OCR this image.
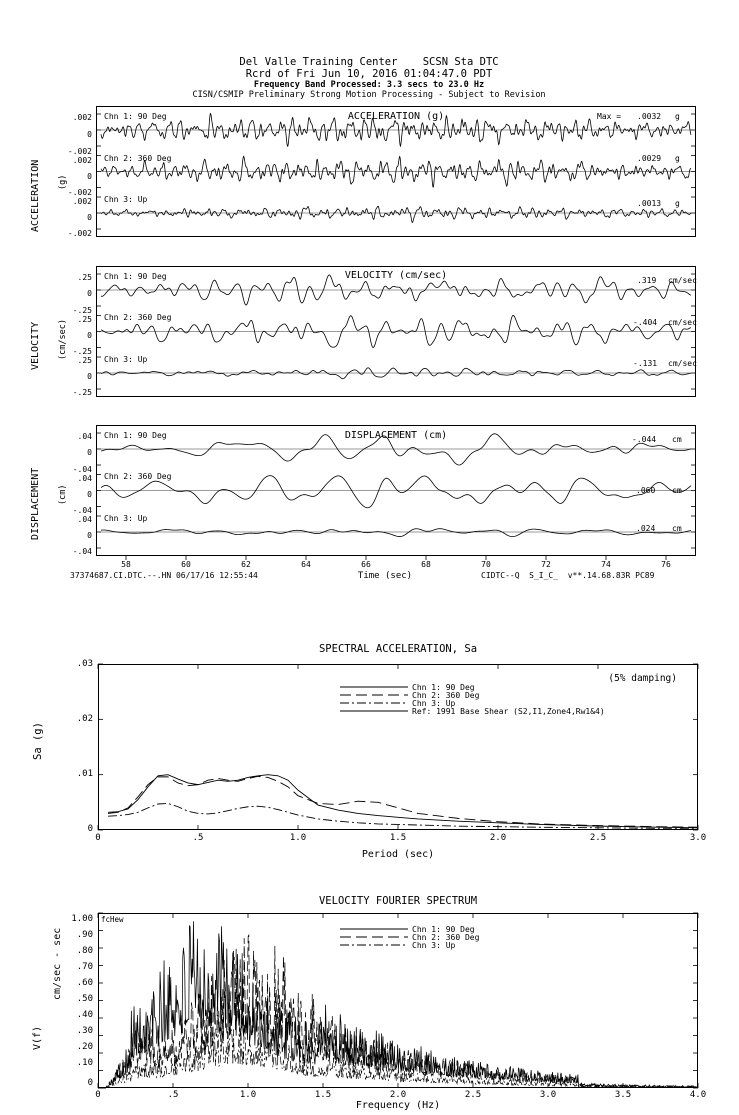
Del Valle Training Center    SCSN Sta DTC
Rcrd of Fri Jun 10, 2016 01:04:47.0 PDT
Frequency Band Processed: 3.3 secs to 23.0 Hz
CISN/CSMIP Preliminary Strong Motion Processing - Subject to Revision
ACCELERATION (g)
ACCELERATION (g)
.002
0
-.002
.002
0
-.002
.002
0
-.002
Chn 1: 90 Deg
Chn 2: 360 Deg
Chn 3: Up
Max = .0032 g
.0029 g
.0013 g
VELOCITY (cm/sec)
VELOCITY (cm/sec)
.25
0
-.25
.25
0
-.25
.25
0
-.25
Chn 1: 90 Deg
Chn 2: 360 Deg
Chn 3: Up
.319 cm/sec
-.404 cm/sec
-.131 cm/sec
DISPLACEMENT (cm)
DISPLACEMENT (cm)
.04
0
-.04
.04
0
-.04
.04
0
-.04
Chn 1: 90 Deg
Chn 2: 360 Deg
Chn 3: Up
-.044 cm
.060 cm
.024 cm
58	60	62	64	66	68	70	72	74	76
37374687.CI.DTC.--.HN 06/17/16 12:55:44	Time (sec)	CIDTC--Q  S_I_C_  v**.14.68.83R PC89
SPECTRAL ACCELERATION, Sa
Sa (g)
Period (sec)
(5% damping)
.03
.02
.01
0
0	.5	1.0	1.5	2.0	2.5	3.0
Chn 1: 90 Deg
Chn 2: 360 Deg
Chn 3: Up
Ref: 1991 Base Shear (S2,I1,Zone4,Rw1&4)
VELOCITY FOURIER SPECTRUM
cm/sec - sec
V(f)
fcHew
Frequency (Hz)
1.00
.90
.80
.70
.60
.50
.40
.30
.20
.10
0
0	.5	1.0	1.5	2.0	2.5	3.0	3.5	4.0
Chn 1: 90 Deg
Chn 2: 360 Deg
Chn 3: Up
